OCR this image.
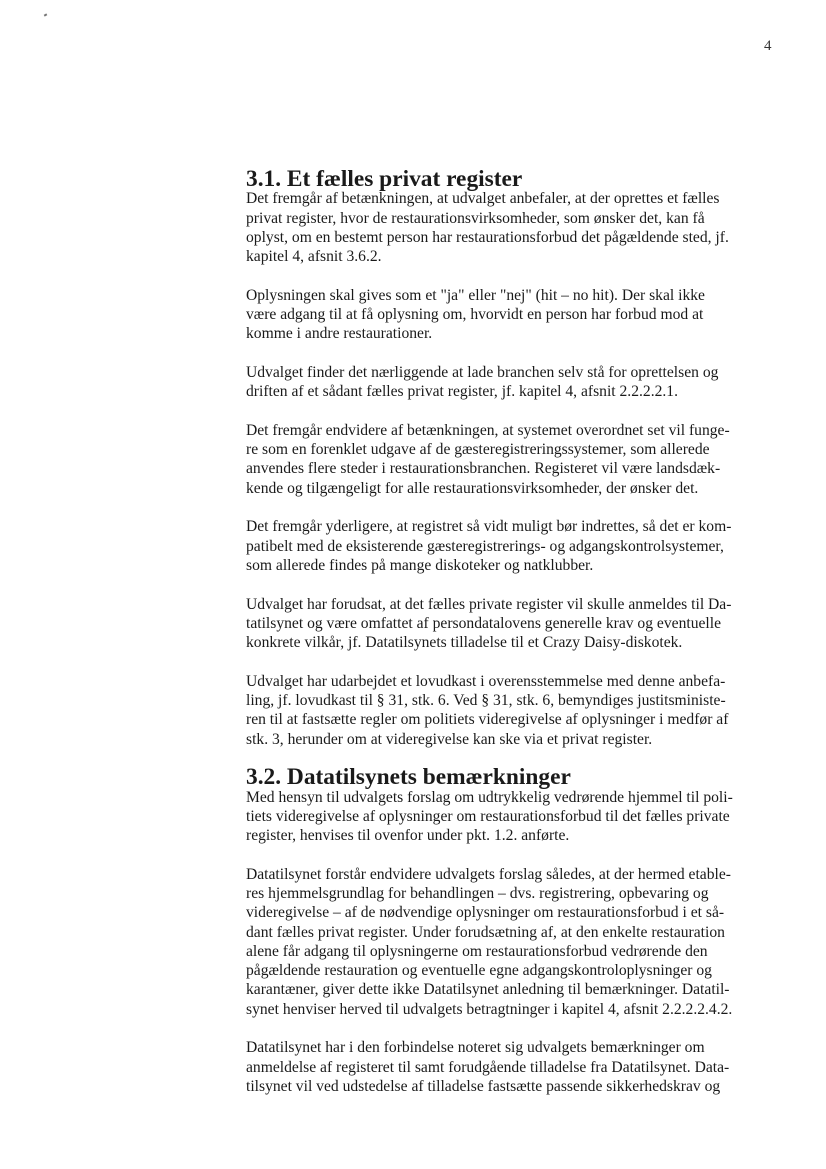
4
3.1. Et fælles privat register

Det fremgår af betænkningen, at udvalget anbefaler, at der oprettes et fælles
privat register, hvor de restaurationsvirksomheder, som ønsker det, kan få
oplyst, om en bestemt person har restaurationsforbud det pågældende sted, jf.
kapitel 4, afsnit 3.6.2.

Oplysningen skal gives som et "ja" eller "nej" (hit – no hit). Der skal ikke
være adgang til at få oplysning om, hvorvidt en person har forbud mod at
komme i andre restaurationer.

Udvalget finder det nærliggende at lade branchen selv stå for oprettelsen og
driften af et sådant fælles privat register, jf. kapitel 4, afsnit 2.2.2.2.1.

Det fremgår endvidere af betænkningen, at systemet overordnet set vil funge-
re som en forenklet udgave af de gæsteregistreringssystemer, som allerede
anvendes flere steder i restaurationsbranchen. Registeret vil være landsdæk-
kende og tilgængeligt for alle restaurationsvirksomheder, der ønsker det.

Det fremgår yderligere, at registret så vidt muligt bør indrettes, så det er kom-
patibelt med de eksisterende gæsteregistrerings- og adgangskontrolsystemer,
som allerede findes på mange diskoteker og natklubber.

Udvalget har forudsat, at det fælles private register vil skulle anmeldes til Da-
tatilsynet og være omfattet af persondatalovens generelle krav og eventuelle
konkrete vilkår, jf. Datatilsynets tilladelse til et Crazy Daisy-diskotek.

Udvalget har udarbejdet et lovudkast i overensstemmelse med denne anbefa-
ling, jf. lovudkast til § 31, stk. 6. Ved § 31, stk. 6, bemyndiges justitsministe-
ren til at fastsætte regler om politiets videregivelse af oplysninger i medfør af
stk. 3, herunder om at videregivelse kan ske via et privat register.

3.2. Datatilsynets bemærkninger

Med hensyn til udvalgets forslag om udtrykkelig vedrørende hjemmel til poli-
tiets videregivelse af oplysninger om restaurationsforbud til det fælles private
register, henvises til ovenfor under pkt. 1.2. anførte.

Datatilsynet forstår endvidere udvalgets forslag således, at der hermed etable-
res hjemmelsgrundlag for behandlingen – dvs. registrering, opbevaring og
videregivelse – af de nødvendige oplysninger om restaurationsforbud i et så-
dant fælles privat register. Under forudsætning af, at den enkelte restauration
alene får adgang til oplysningerne om restaurationsforbud vedrørende den
pågældende restauration og eventuelle egne adgangskontroloplysninger og
karantæner, giver dette ikke Datatilsynet anledning til bemærkninger. Datatil-
synet henviser herved til udvalgets betragtninger i kapitel 4, afsnit 2.2.2.2.4.2.

Datatilsynet har i den forbindelse noteret sig udvalgets bemærkninger om
anmeldelse af registeret til samt forudgående tilladelse fra Datatilsynet. Data-
tilsynet vil ved udstedelse af tilladelse fastsætte passende sikkerhedskrav og
